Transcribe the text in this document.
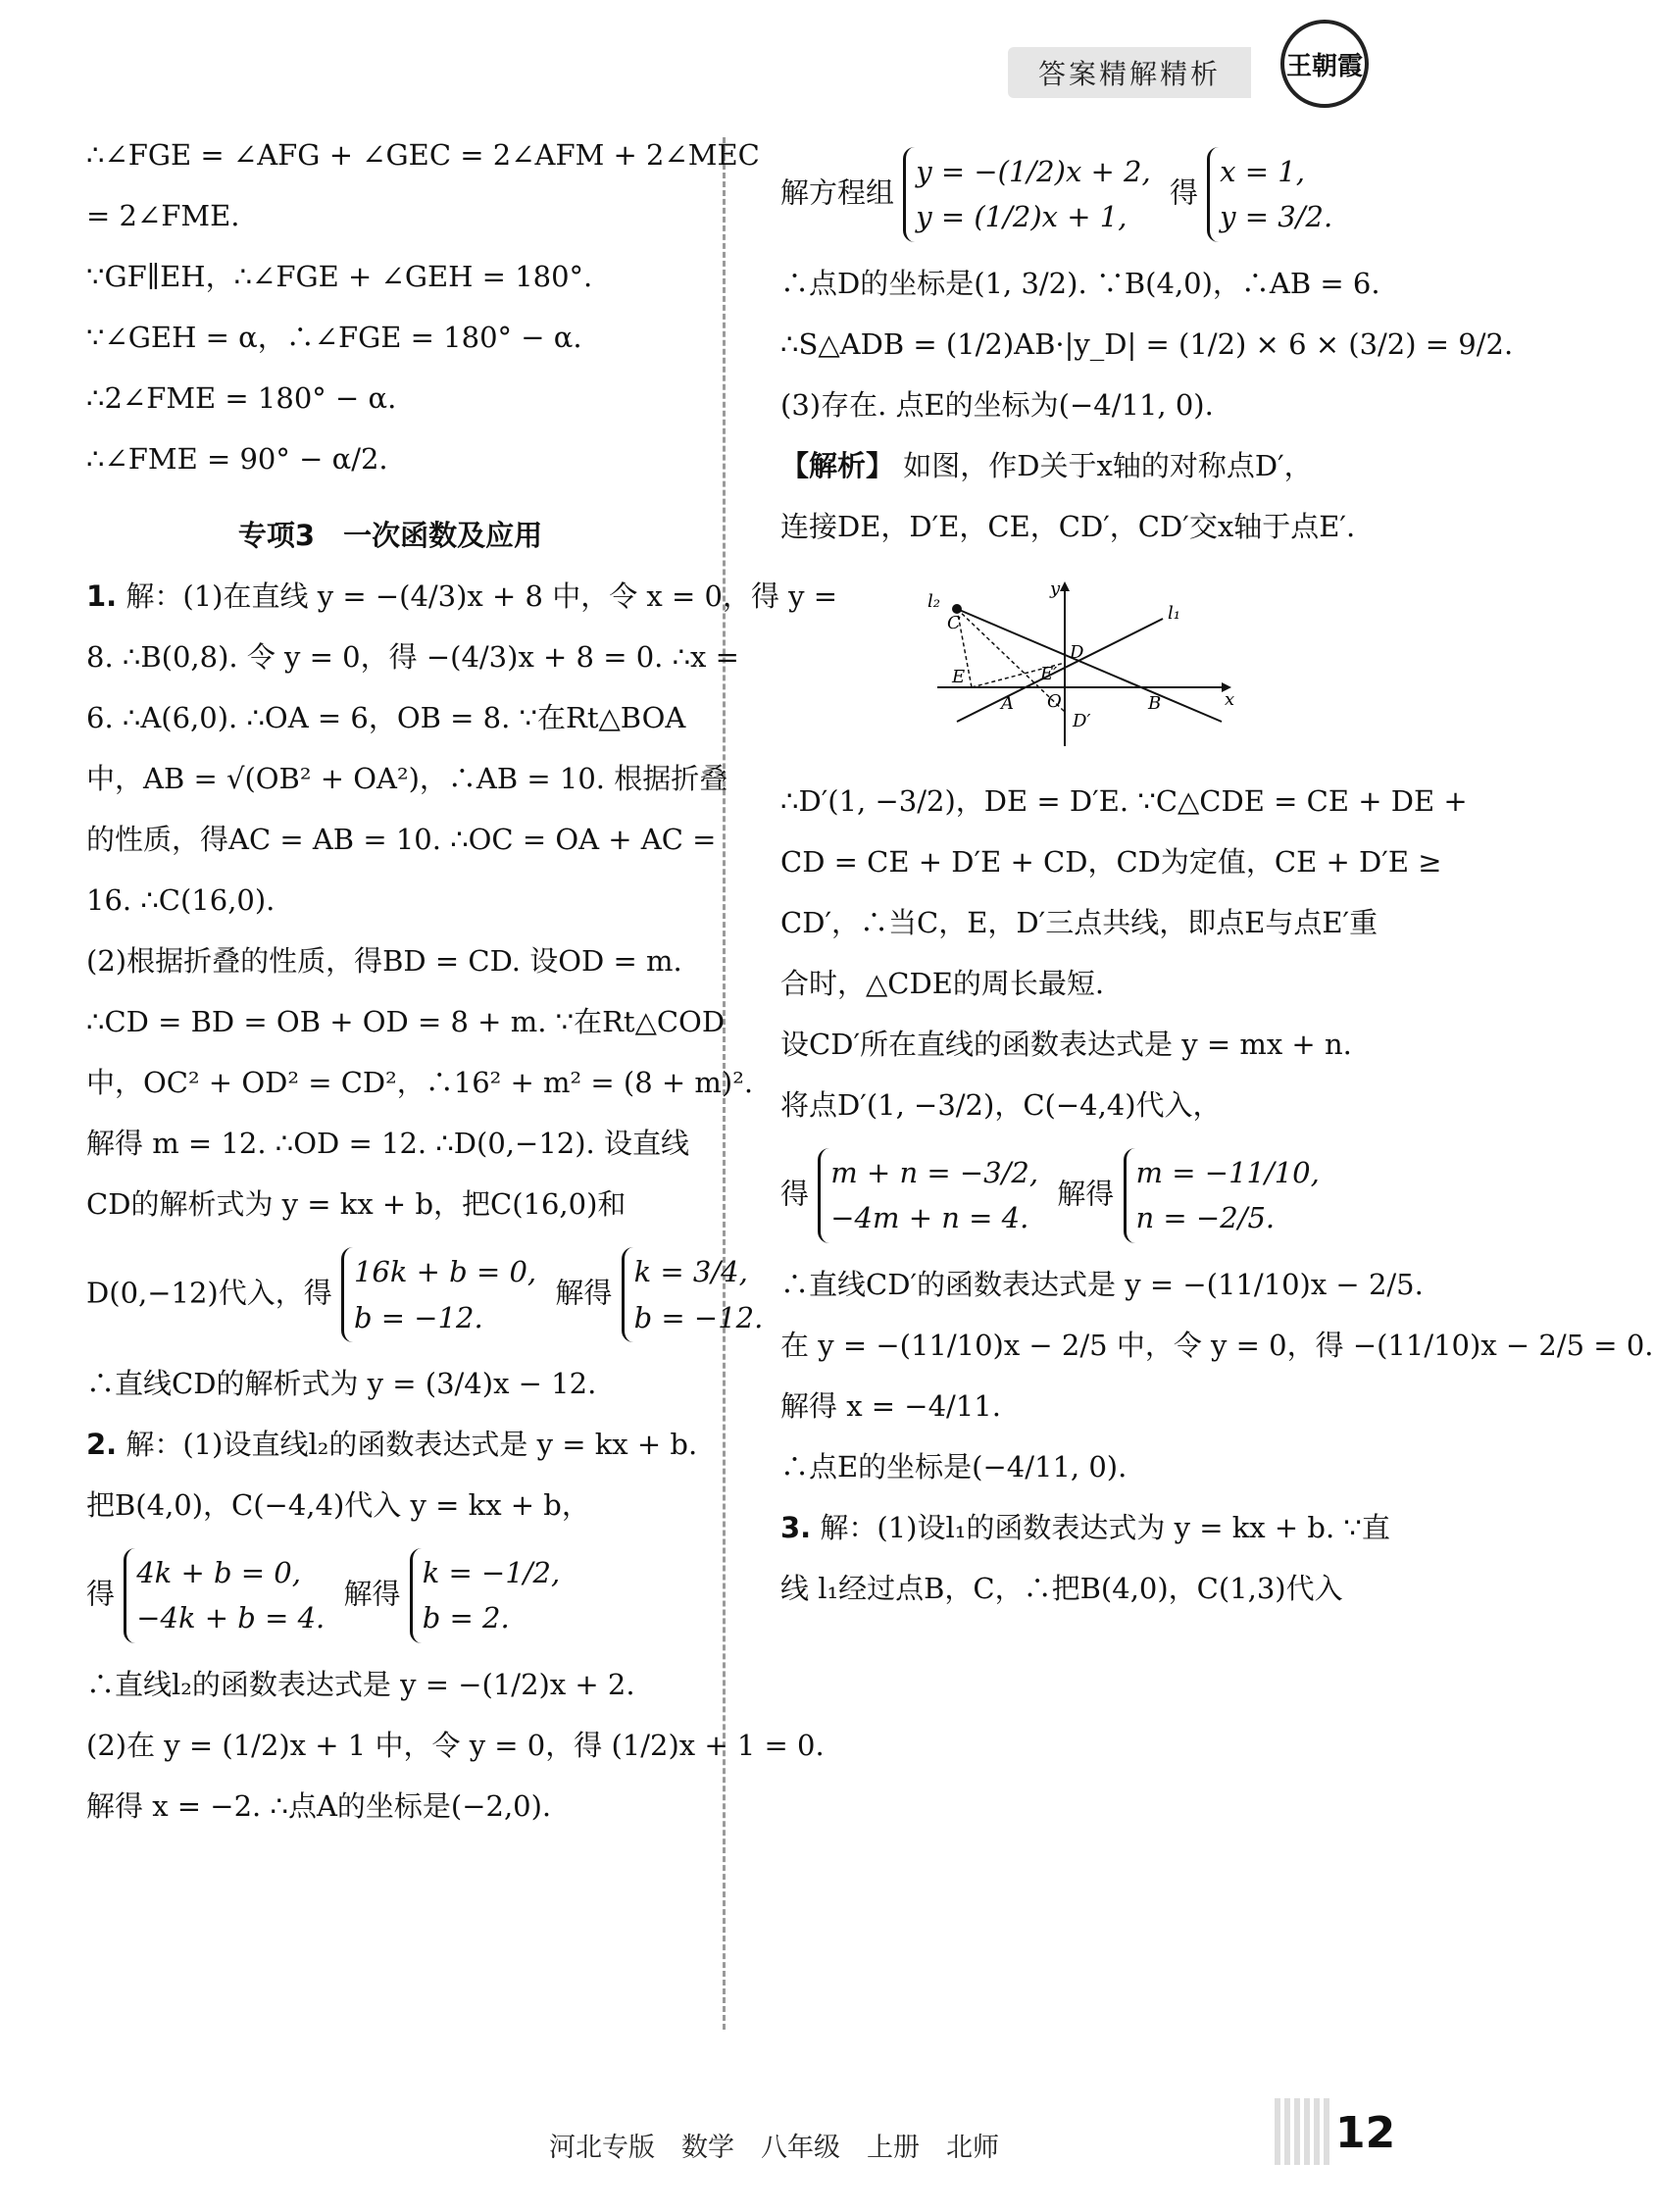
答案精解精析	王朝霞
∴∠FGE = ∠AFG + ∠GEC = 2∠AFM + 2∠MEC
= 2∠FME.
∵GF∥EH，∴∠FGE + ∠GEH = 180°.
∵∠GEH = α，∴∠FGE = 180° − α.
∴2∠FME = 180° − α.
∴∠FME = 90° − α/2.
专项3　一次函数及应用
1. 解：(1)在直线 y = −(4/3)x + 8 中，令 x = 0，得 y =
8. ∴B(0,8). 令 y = 0，得 −(4/3)x + 8 = 0. ∴x =
6. ∴A(6,0). ∴OA = 6，OB = 8. ∵在Rt△BOA
中，AB = √(OB² + OA²)，∴AB = 10. 根据折叠
的性质，得AC = AB = 10. ∴OC = OA + AC =
16. ∴C(16,0).
(2)根据折叠的性质，得BD = CD. 设OD = m.
∴CD = BD = OB + OD = 8 + m. ∵在Rt△COD
中，OC² + OD² = CD²，∴16² + m² = (8 + m)².
解得 m = 12. ∴OD = 12. ∴D(0,−12). 设直线
CD的解析式为 y = kx + b，把C(16,0)和
D(0,−12)代入，得 16k + b = 0,
b = −12. 解得 k = 3/4,
b = −12.
∴直线CD的解析式为 y = (3/4)x − 12.
2. 解：(1)设直线l₂的函数表达式是 y = kx + b.
把B(4,0)，C(−4,4)代入 y = kx + b，
得 4k + b = 0,
−4k + b = 4. 解得 k = −1/2,
b = 2.
∴直线l₂的函数表达式是 y = −(1/2)x + 2.
(2)在 y = (1/2)x + 1 中，令 y = 0，得 (1/2)x + 1 = 0.
解得 x = −2. ∴点A的坐标是(−2,0).
解方程组 y = −(1/2)x + 2,
y = (1/2)x + 1, 得 x = 1,
y = 3/2.
∴点D的坐标是(1, 3/2). ∵B(4,0)，∴AB = 6.
∴S△ADB = (1/2)AB·|y_D| = (1/2) × 6 × (3/2) = 9/2.
(3)存在. 点E的坐标为(−4/11, 0).
【解析】 如图，作D关于x轴的对称点D′，
连接DE，D′E，CE，CD′，CD′交x轴于点E′.
y
x
l₂
l₁
C
D
E	E′
A O
D′
B
∴D′(1, −3/2)，DE = D′E. ∵C△CDE = CE + DE +
CD = CE + D′E + CD，CD为定值，CE + D′E ≥
CD′，∴当C，E，D′三点共线，即点E与点E′重
合时，△CDE的周长最短.
设CD′所在直线的函数表达式是 y = mx + n.
将点D′(1, −3/2)，C(−4,4)代入，
得 m + n = −3/2,
−4m + n = 4. 解得 m = −11/10,
n = −2/5.
∴直线CD′的函数表达式是 y = −(11/10)x − 2/5.
在 y = −(11/10)x − 2/5 中，令 y = 0，得 −(11/10)x − 2/5 = 0.
解得 x = −4/11.
∴点E的坐标是(−4/11, 0).
3. 解：(1)设l₁的函数表达式为 y = kx + b. ∵直
线 l₁经过点B，C，∴把B(4,0)，C(1,3)代入
河北专版　数学　八年级　上册　北师	12
